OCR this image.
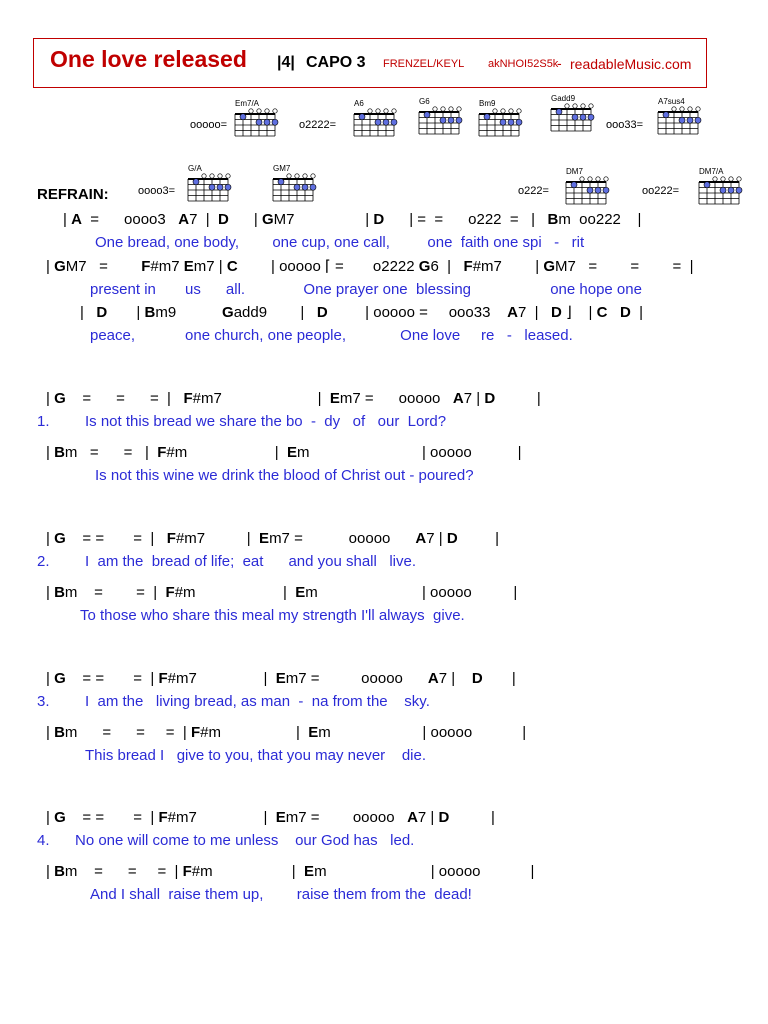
One love released |4| CAPO 3 FRENZEL/KEYL akNHOI52S5k
- readableMusic.com
ooooo=	o2222=	ooo33=
Em7/A	A6	G6	Bm9
Gadd9	A7sus4
G/A	GM7	DM7	DM7/A
oooo3=	o222=	oo222=
REFRAIN:
| A  =      oooo3   A7  |  D      | GM7                 | D      | =  =      o222  =   |   Bm  oo222    |
One bread, one body,        one cup, one call,         one  faith one spi   -   rit
| GM7   =        F#m7 Em7 | C        | ooooo ⌈ =       o2222 G6  |   F#m7        | GM7   =        =        =  |
present in       us      all.              One prayer one  blessing                   one hope one
|   D       | Bm9           Gadd9        |   D         | ooooo =     ooo33    A7  |   D ⌋    | C D  |
peace,            one church, one people,             One love     re   -   leased.
| G    =      =      =  |   F#m7                       |  Em7 =      ooooo   A7 | D          |
1. Is not this bread we share the bo  -  dy   of   our  Lord?
| Bm   =      =   |  F#m                     |  Em                           | ooooo           |
Is not this wine we drink the blood of Christ out - poured?
| G    = =       =  |   F#m7          |  Em7 =           ooooo      A7 | D         |
2. I  am the  bread of life;  eat      and you shall   live.
| Bm    =        =  |  F#m                     |  Em                         | ooooo          |
To those who share this meal my strength I'll always  give.
| G    = =       =  | F#m7                |  Em7 =          ooooo      A7 |    D       |
3. I  am the   living bread, as man  -  na from the    sky.
| Bm      =      =     =  | F#m                  |  Em                      | ooooo            |
This bread I   give to you, that you may never    die.
| G    = =       =  | F#m7                |  Em7 =        ooooo   A7 | D          |
4. No one will come to me unless    our God has   led.
| Bm    =      =     =  | F#m                   |  Em                         | ooooo            |
And I shall  raise them up,        raise them from the  dead!
